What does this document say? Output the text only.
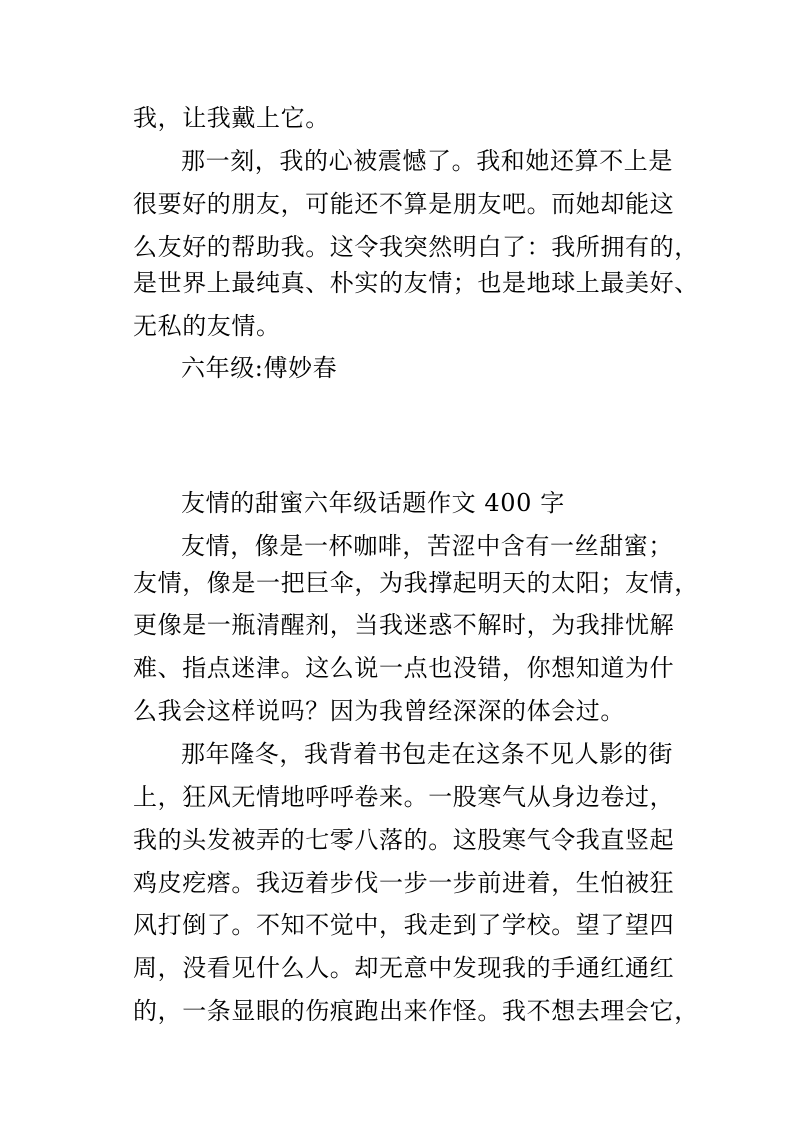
我，让我戴上它。
那一刻，我的心被震憾了。我和她还算不上是
很要好的朋友，可能还不算是朋友吧。而她却能这
么友好的帮助我。这令我突然明白了：我所拥有的，
是世界上最纯真、朴实的友情；也是地球上最美好、
无私的友情。
六年级:傅妙春
友情的甜蜜六年级话题作文 400 字
友情，像是一杯咖啡，苦涩中含有一丝甜蜜；
友情，像是一把巨伞，为我撑起明天的太阳；友情，
更像是一瓶清醒剂，当我迷惑不解时，为我排忧解
难、指点迷津。这么说一点也没错，你想知道为什
么我会这样说吗？因为我曾经深深的体会过。
那年隆冬，我背着书包走在这条不见人影的街
上，狂风无情地呼呼卷来。一股寒气从身边卷过，
我的头发被弄的七零八落的。这股寒气令我直竖起
鸡皮疙瘩。我迈着步伐一步一步前进着，生怕被狂
风打倒了。不知不觉中，我走到了学校。望了望四
周，没看见什么人。却无意中发现我的手通红通红
的，一条显眼的伤痕跑出来作怪。我不想去理会它，
